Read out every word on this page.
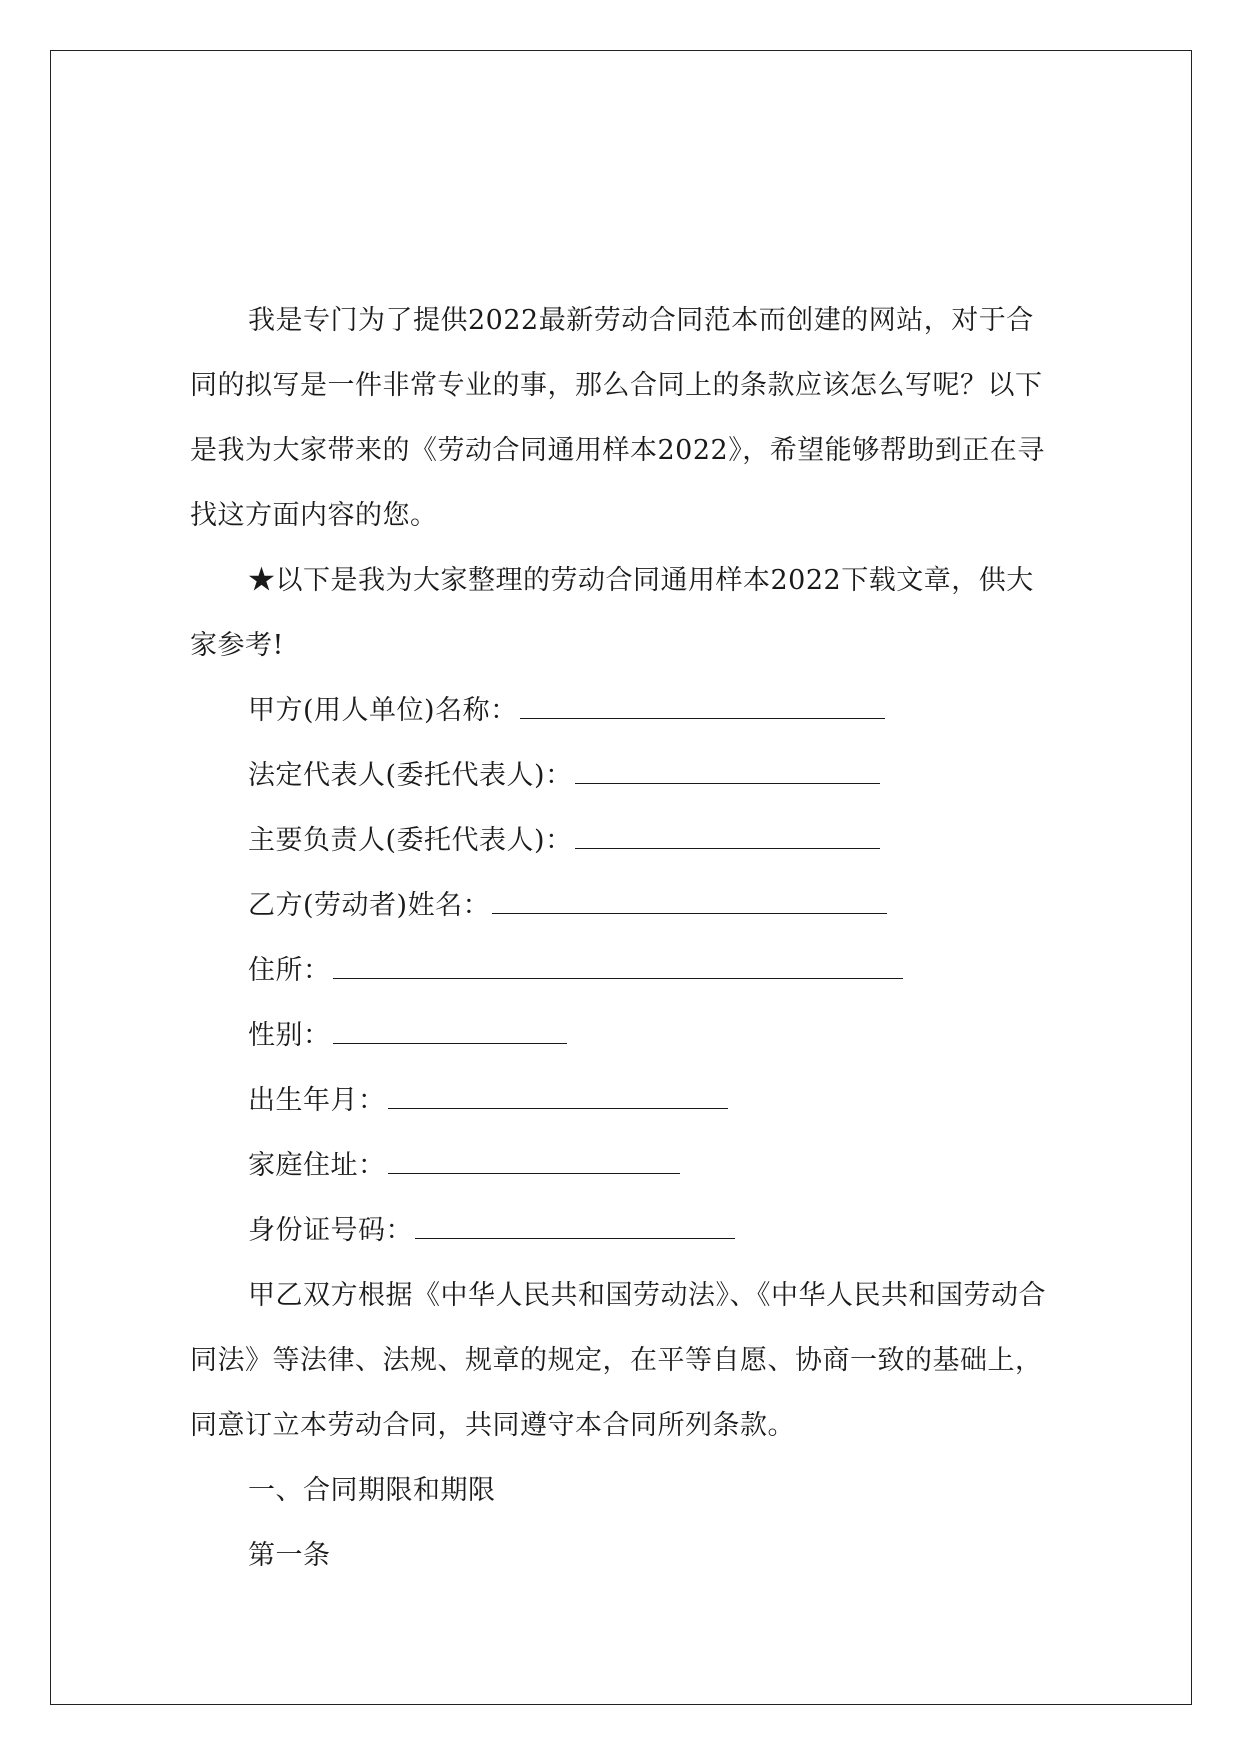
我是专门为了提供2022最新劳动合同范本而创建的网站，对于合同的拟写是一件非常专业的事，那么合同上的条款应该怎么写呢？以下是我为大家带来的《劳动合同通用样本2022》，希望能够帮助到正在寻找这方面内容的您。

★以下是我为大家整理的劳动合同通用样本2022下载文章，供大家参考!

甲方(用人单位)名称：

法定代表人(委托代表人)：

主要负责人(委托代表人)：

乙方(劳动者)姓名：

住所：

性别：

出生年月：

家庭住址：

身份证号码：

甲乙双方根据《中华人民共和国劳动法》、《中华人民共和国劳动合同法》等法律、法规、规章的规定，在平等自愿、协商一致的基础上，同意订立本劳动合同，共同遵守本合同所列条款。

一、合同期限和期限

第一条
